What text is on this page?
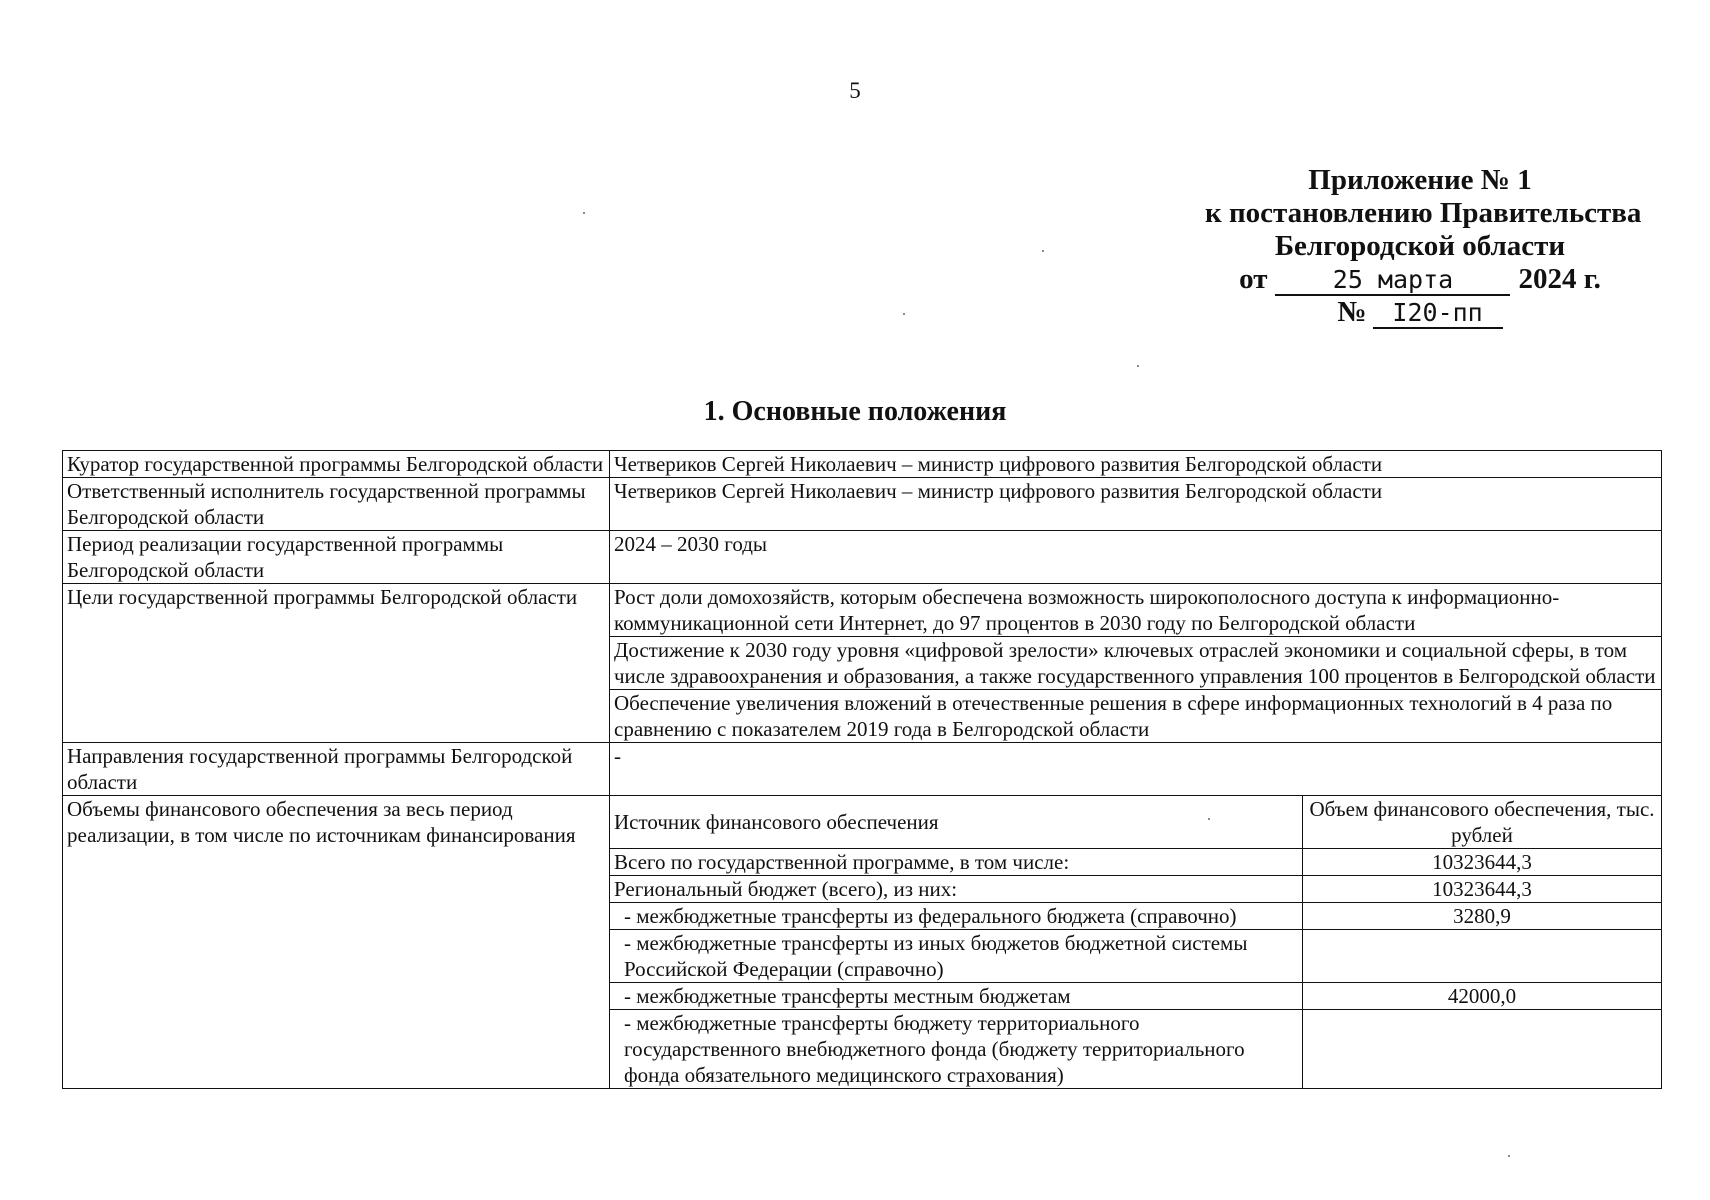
5
Приложение № 1
к постановлению Правительства
Белгородской области
от	25 марта 2024 г.
№ I20-пп
1. Основные положения
Куратор государственной программы Белгородской области	Четвериков Сергей Николаевич – министр цифрового развития Белгородской области
Ответственный исполнитель государственной программы Белгородской области	Четвериков Сергей Николаевич – министр цифрового развития Белгородской области
Период реализации государственной программы Белгородской области	2024 – 2030 годы
Цели государственной программы Белгородской области	Рост доли домохозяйств, которым обеспечена возможность широкополосного доступа к информационно-коммуникационной сети Интернет, до 97 процентов в 2030 году по Белгородской области
Достижение к 2030 году уровня «цифровой зрелости» ключевых отраслей экономики и социальной сферы, в том числе здравоохранения и образования, а также государственного управления 100 процентов в Белгородской области
Обеспечение увеличения вложений в отечественные решения в сфере информационных технологий в 4 раза по сравнению с показателем 2019 года в Белгородской области
Направления государственной программы Белгородской области	-
Объемы финансового обеспечения за весь период реализации, в том числе по источникам финансирования	
Источник финансового обеспечения	Объем финансового обеспечения, тыс. рублей
Всего по государственной программе, в том числе:	10323644,3
Региональный бюджет (всего), из них:	10323644,3
- межбюджетные трансферты из федерального бюджета (справочно)	3280,9
- межбюджетные трансферты из иных бюджетов бюджетной системы Российской Федерации (справочно)	
- межбюджетные трансферты местным бюджетам	42000,0
- межбюджетные трансферты бюджету территориального государственного внебюджетного фонда (бюджету территориального фонда обязательного медицинского страхования)	
